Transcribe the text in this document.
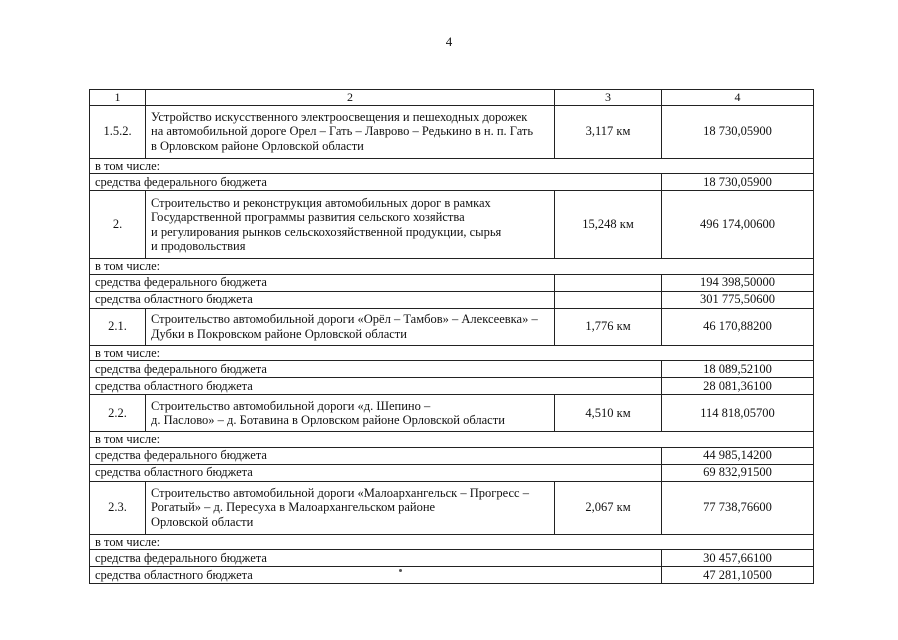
4
1	2	3	4
1.5.2.	Устройство искусственного электроосвещения и пешеходных дорожек
на автомобильной дороге Орел – Гать – Лаврово – Редькино в н. п. Гать
в Орловском районе Орловской области	3,117 км	18 730,05900
в том числе:			
средства федерального бюджета			18 730,05900
2.	Строительство и реконструкция автомобильных дорог в рамках
Государственной программы развития сельского хозяйства
и регулирования рынков сельскохозяйственной продукции, сырья
и продовольствия	15,248 км	496 174,00600
в том числе:			
средства федерального бюджета			194 398,50000
средства областного бюджета			301 775,50600
2.1.	Строительство автомобильной дороги «Орёл – Тамбов» – Алексеевка» –
Дубки в Покровском районе Орловской области	1,776 км	46 170,88200
в том числе:			
средства федерального бюджета			18 089,52100
средства областного бюджета			28 081,36100
2.2.	Строительство автомобильной дороги «д. Шепино –
д. Паслово» – д. Ботавина в Орловском районе Орловской области	4,510 км	114 818,05700
в том числе:			
средства федерального бюджета			44 985,14200
средства областного бюджета			69 832,91500
2.3.	Строительство автомобильной дороги «Малоархангельск – Прогресс –
Рогатый» – д. Пересуха в Малоархангельском районе
Орловской области	2,067 км	77 738,76600
в том числе:			
средства федерального бюджета			30 457,66100
средства областного бюджета			47 281,10500
